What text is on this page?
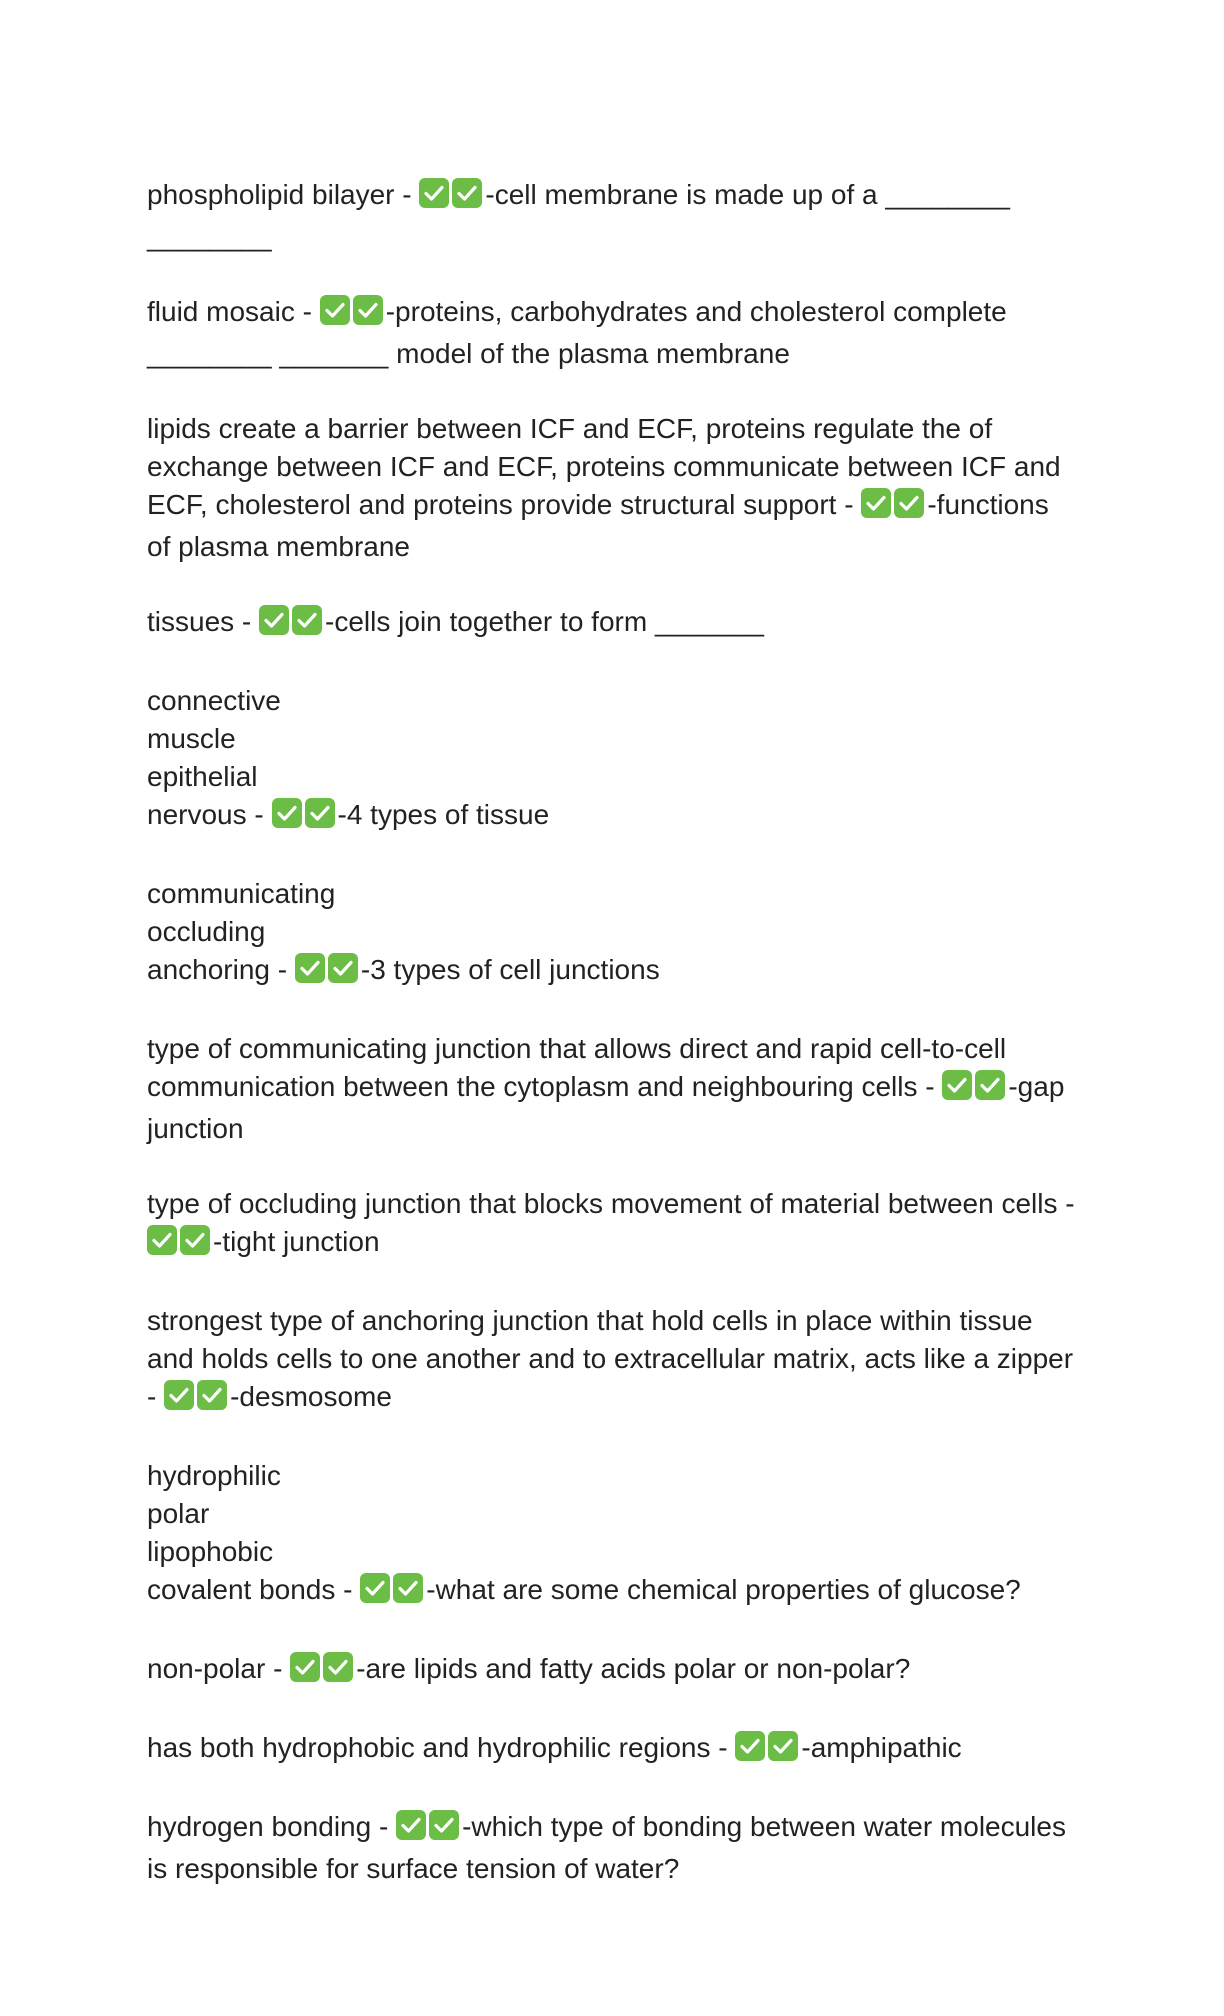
phospholipid bilayer -
-cell membrane is made up of a ________
________
fluid mosaic -
-proteins, carbohydrates and cholesterol complete
________ _______ model of the plasma membrane
lipids create a barrier between ICF and ECF, proteins regulate the of
exchange between ICF and ECF, proteins communicate between ICF and
ECF, cholesterol and proteins provide structural support -	-functions
of plasma membrane
tissues -
-cells join together to form _______
connective
muscle
epithelial
nervous -	-4 types of tissue
communicating
occluding
anchoring -	-3 types of cell junctions
type of communicating junction that allows direct and rapid cell-to-cell
communication between the cytoplasm and neighbouring cells -	-gap
junction
type of occluding junction that blocks movement of material between cells -

-tight junction
strongest type of anchoring junction that hold cells in place within tissue
and holds cells to one another and to extracellular matrix, acts like a zipper
-	-desmosome
hydrophilic
polar
lipophobic
covalent bonds -	-what are some chemical properties of glucose?
non-polar -
-are lipids and fatty acids polar or non-polar?
has both hydrophobic and hydrophilic regions -
-amphipathic
hydrogen bonding -
-which type of bonding between water molecules
is responsible for surface tension of water?
